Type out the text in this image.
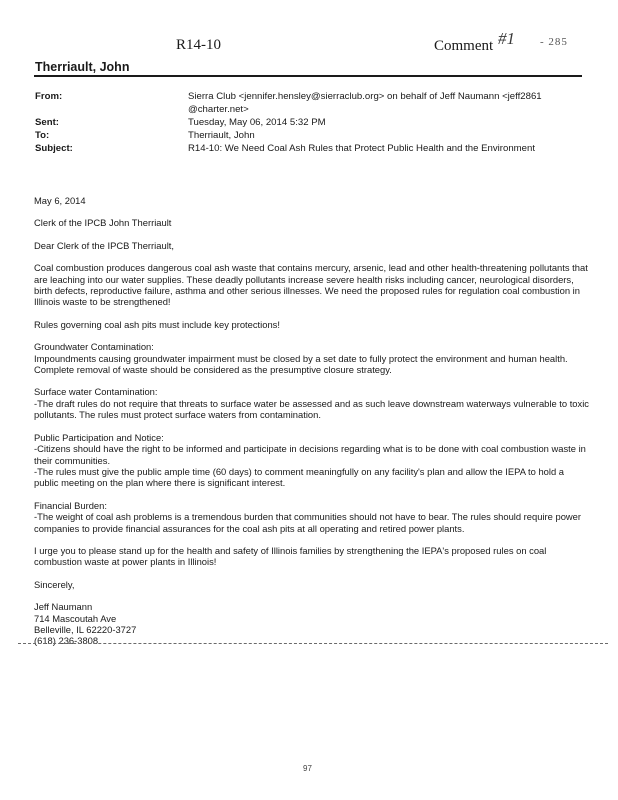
R14-10	Comment #1 - 285
Therriault, John
From:	Sierra Club <jennifer.hensley@sierraclub.org> on behalf of Jeff Naumann <jeff2861
@charter.net>
Sent:	Tuesday, May 06, 2014 5:32 PM
To:	Therriault, John
Subject:	R14-10: We Need Coal Ash Rules that Protect Public Health and the Environment

May 6, 2014

Clerk of the IPCB John Therriault

Dear Clerk of the IPCB Therriault,

Coal combustion produces dangerous coal ash waste that contains mercury, arsenic, lead and other health-threatening pollutants that are leaching into our water supplies. These deadly pollutants increase severe health risks including cancer, neurological disorders, birth defects, reproductive failure, asthma and other serious illnesses. We need the proposed rules for regulation coal combustion in Illinois waste to be strengthened!

Rules governing coal ash pits must include key protections!

Groundwater Contamination:
Impoundments causing groundwater impairment must be closed by a set date to fully protect the environment and human health.
Complete removal of waste should be considered as the presumptive closure strategy.
Surface water Contamination:
-The draft rules do not require that threats to surface water be assessed and as such leave downstream waterways vulnerable to toxic pollutants. The rules must protect surface waters from contamination.
Public Participation and Notice:
-Citizens should have the right to be informed and participate in decisions regarding what is to be done with coal combustion waste in their communities.
-The rules must give the public ample time (60 days) to comment meaningfully on any facility's plan and allow the IEPA to hold a public meeting on the plan where there is significant interest.
Financial Burden:
-The weight of coal ash problems is a tremendous burden that communities should not have to bear. The rules should require power companies to provide financial assurances for the coal ash pits at all operating and retired power plants.

I urge you to please stand up for the health and safety of Illinois families by strengthening the IEPA's proposed rules on coal combustion waste at power plants in Illinois!

Sincerely,

Jeff Naumann
714 Mascoutah Ave
Belleville, IL 62220-3727
(618) 236-3808
97
